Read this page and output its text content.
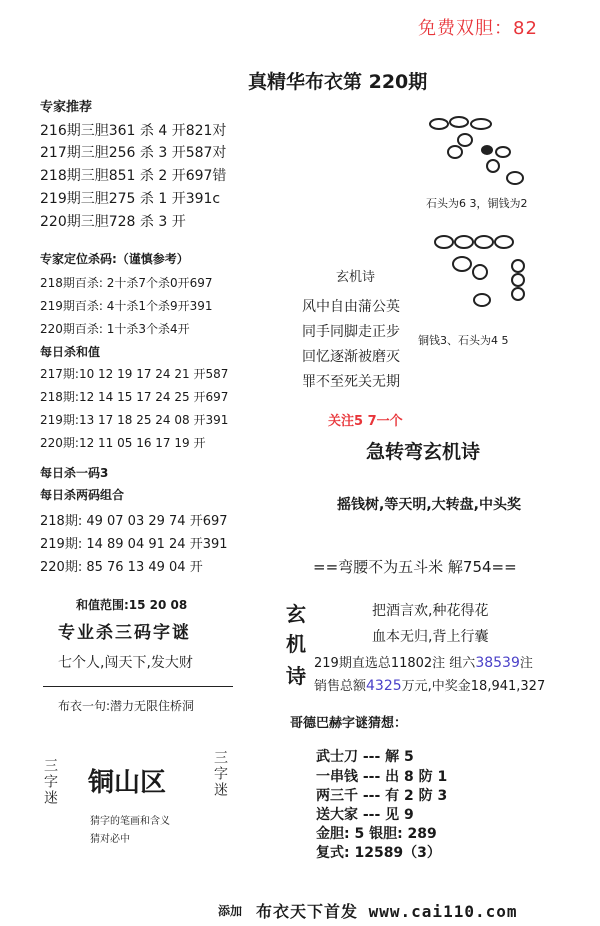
免费双胆：82
真精华布衣第 220期
专家推荐
216期三胆361 杀 4 开821对
217期三胆256 杀 3 开587对
218期三胆851 杀 2 开697错
219期三胆275 杀 1 开391c
220期三胆728 杀 3 开
专家定位杀码:（谨慎参考）
218期百杀: 2十杀7个杀0开697
219期百杀: 4十杀1个杀9开391
220期百杀: 1十杀3个杀4开
每日杀和值
217期:10 12 19 17 24 21 开587
218期:12 14 15 17 24 25 开697
219期:13 17 18 25 24 08 开391
220期:12 11 05 16 17 19 开
每日杀一码3
每日杀两码组合
218期: 49 07 03 29 74 开697
219期: 14 89 04 91 24 开391
220期: 85 76 13 49 04 开
和值范围:15 20 08
专业杀三码字谜
七个人,闯天下,发大财
布衣一句:潜力无限住桥洞
三字迷 铜山区	三字迷
猜字的笔画和含义
猜对必中
石头为6 3，铜钱为2
铜钱3、石头为4 5
玄机诗
风中自由蒲公英
同手同脚走正步
回忆逐渐被磨灭
罪不至死关无期
关注5 7一个
急转弯玄机诗
摇钱树,等天明,大转盘,中头奖
==弯腰不为五斗米 解754==
玄
机
诗
把酒言欢,种花得花
血本无归,背上行囊
219期直选总11802注 组六38539注
销售总额4325万元,中奖金18,941,327
哥德巴赫字谜猜想：
武士刀 --- 解 5
一串钱 --- 出 8 防 1
两三千 --- 有 2 防 3
送大家 --- 见 9
金胆: 5 银胆: 289
复式: 12589（3）
添加 布衣天下首发 www.cai110.com
